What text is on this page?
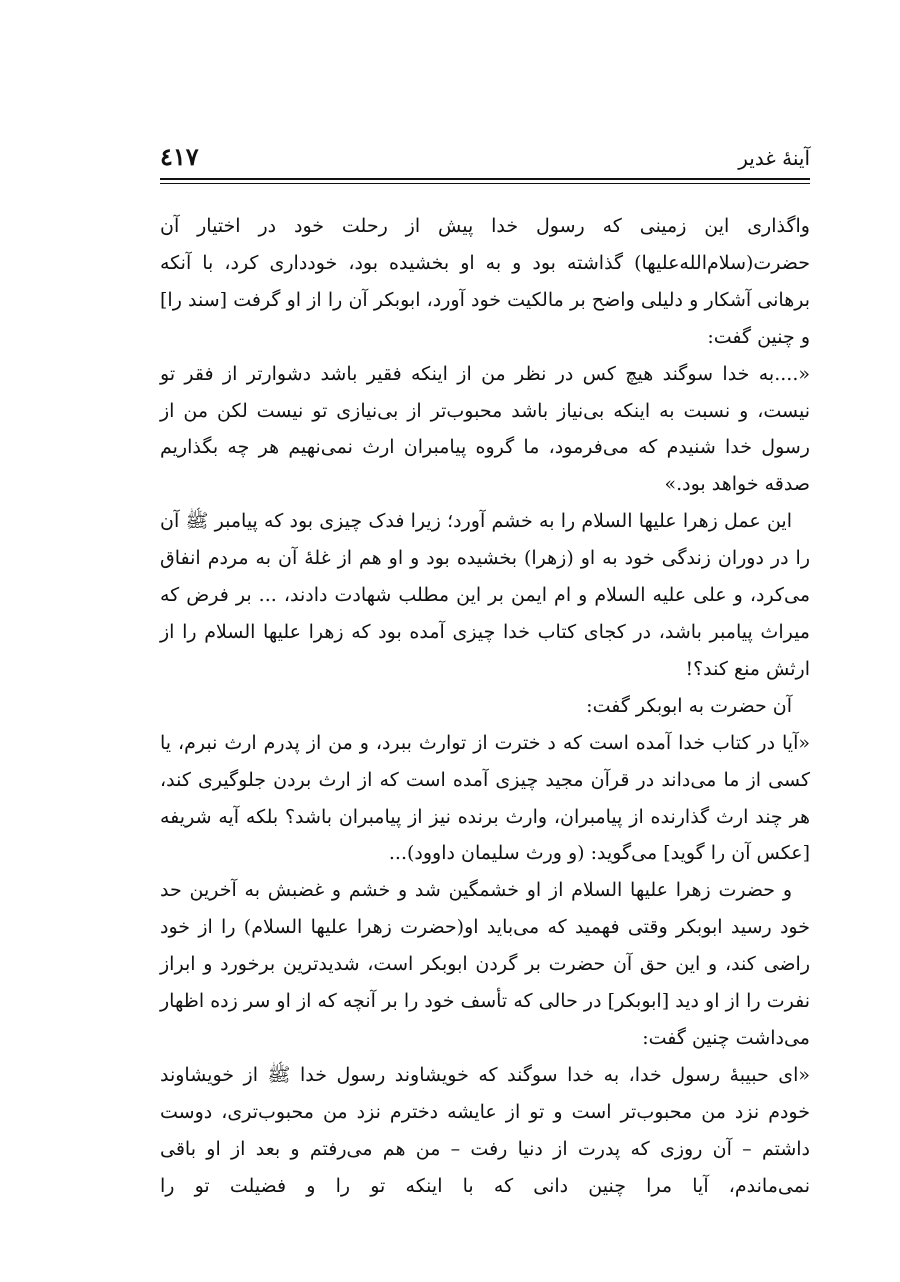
آینهٔ غدیر
٤١٧

واگذاری این زمینی که رسول خدا پیش از رحلت خود در اختیار آن حضرت(سلام‌الله‌علیها) گذاشته بود و به او بخشیده بود، خودداری کرد، با آنکه برهانی آشکار و دلیلی واضح بر مالکیت خود آورد، ابوبکر آن را از او گرفت [سند را] و چنین گفت:

«....به خدا سوگند هیچ کس در نظر من از اینکه فقیر باشد دشوارتر از فقر تو نیست، و نسبت به اینکه بی‌نیاز باشد محبوب‌تر از بی‌نیازی تو نیست لکن من از رسول خدا شنیدم که می‌فرمود، ما گروه پیامبران ارث نمی‌نهیم هر چه بگذاریم صدقه خواهد بود.»

این عمل زهرا عليها السلام را به خشم آورد؛ زیرا فدک چیزی بود که پیامبر ﷺ آن را در دوران زندگی خود به او (زهرا) بخشیده بود و او هم از غلهٔ آن به مردم انفاق می‌کرد، و علی عليه السلام و ام ایمن بر این مطلب شهادت دادند، ... بر فرض که میراث پیامبر باشد، در کجای کتاب خدا چیزی آمده بود که زهرا عليها السلام را از ارثش منع کند؟!

آن حضرت به ابوبکر گفت:

«آیا در کتاب خدا آمده است که د خترت از توارث ببرد، و من از پدرم ارث نبرم، یا کسی از ما می‌داند در قرآن مجید چیزی آمده است که از ارث بردن جلوگیری کند، هر چند ارث گذارنده از پیامبران، وارث برنده نیز از پیامبران باشد؟ بلکه آیه شریفه [عکس آن را گوید] می‌گوید: (و ورث سلیمان داوود)...

و حضرت زهرا عليها السلام از او خشمگین شد و خشم و غضبش به آخرین حد خود رسید ابوبکر وقتی فهمید که می‌باید او(حضرت زهرا عليها السلام) را از خود راضی کند، و این حق آن حضرت بر گردن ابوبکر است، شدیدترین برخورد و ابراز نفرت را از او دید [ابوبکر] در حالی که تأسف خود را بر آنچه که از او سر زده اظهار می‌داشت چنین گفت:

«ای حبیبهٔ رسول خدا، به خدا سوگند که خویشاوند رسول خدا ﷺ از خویشاوند خودم نزد من محبوب‌تر است و تو از عایشه دخترم نزد من محبوب‌تری، دوست داشتم – آن روزی که پدرت از دنیا رفت – من هم می‌رفتم و بعد از او باقی نمی‌ماندم، آیا مرا چنین دانی که با اینکه تو را و فضیلت تو را
